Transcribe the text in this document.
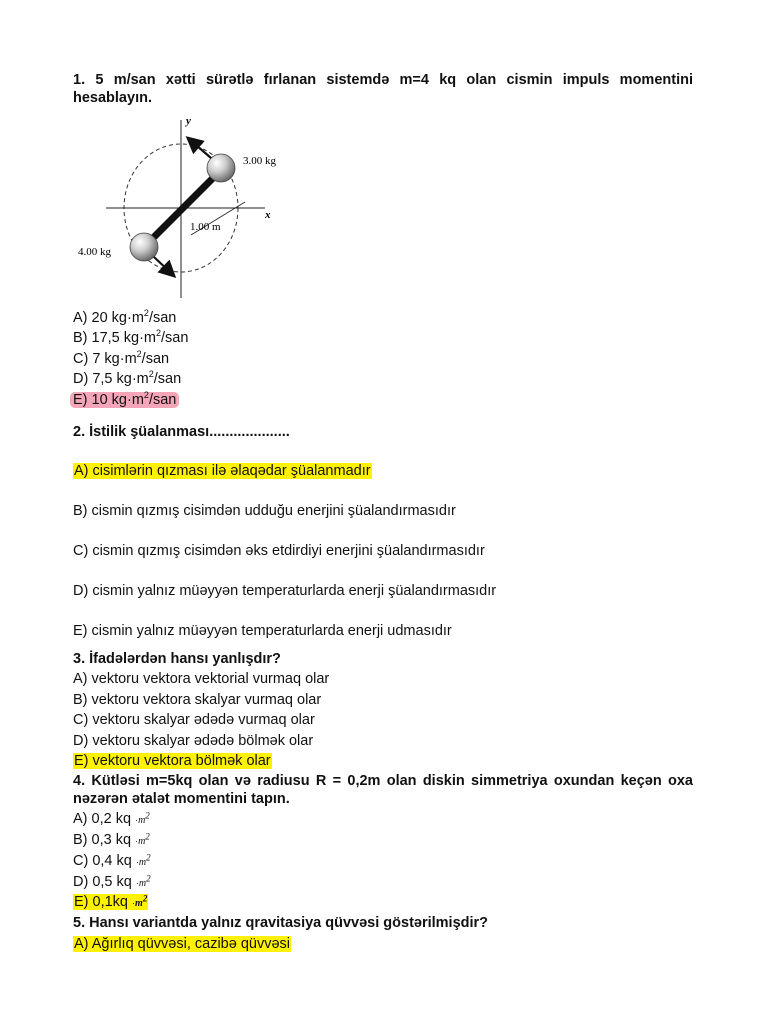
1. 5 m/san xətti sürətlə fırlanan sistemdə m=4 kq olan cismin impuls momentini hesablayın.
y
x
3.00 kg
4.00 kg
1.00 m
A) 20 $kg\cdot m^2$/san
B) 17,5 $kg\cdot m^2$/san
C) 7 $kg\cdot m^2$/san
D) 7,5 $kg\cdot m^2$/san
E) 10 $kg\cdot m^2$/san
2. İstilik şüalanması....................
A) cisimlərin qızması ilə əlaqədar şüalanmadır
B) cismin qızmış cisimdən udduğu enerjini şüalandırmasıdır
C) cismin qızmış cisimdən əks etdirdiyi enerjini şüalandırmasıdır
D) cismin yalnız müəyyən temperaturlarda enerji şüalandırmasıdır
E) cismin yalnız müəyyən temperaturlarda enerji udmasıdır
3. İfadələrdən hansı yanlışdır?
A) vektoru vektora vektorial vurmaq olar
B) vektoru vektora skalyar vurmaq olar
C) vektoru skalyar ədədə vurmaq olar
D) vektoru skalyar ədədə bölmək olar
E) vektoru vektora bölmək olar
4. Kütləsi m=5kq olan və radiusu R = 0,2m olan diskin simmetriya oxundan keçən oxa nəzərən ətalət momentini tapın.
A) 0,2 kq $\cdot m^2$
B) 0,3 kq $\cdot m^2$
C) 0,4 kq $\cdot m^2$
D) 0,5 kq $\cdot m^2$
E) $0,1kq \cdot m^2$
5. Hansı variantda yalnız qravitasiya qüvvəsi göstərilmişdir?
A) Ağırlıq qüvvəsi, cazibə qüvvəsi
